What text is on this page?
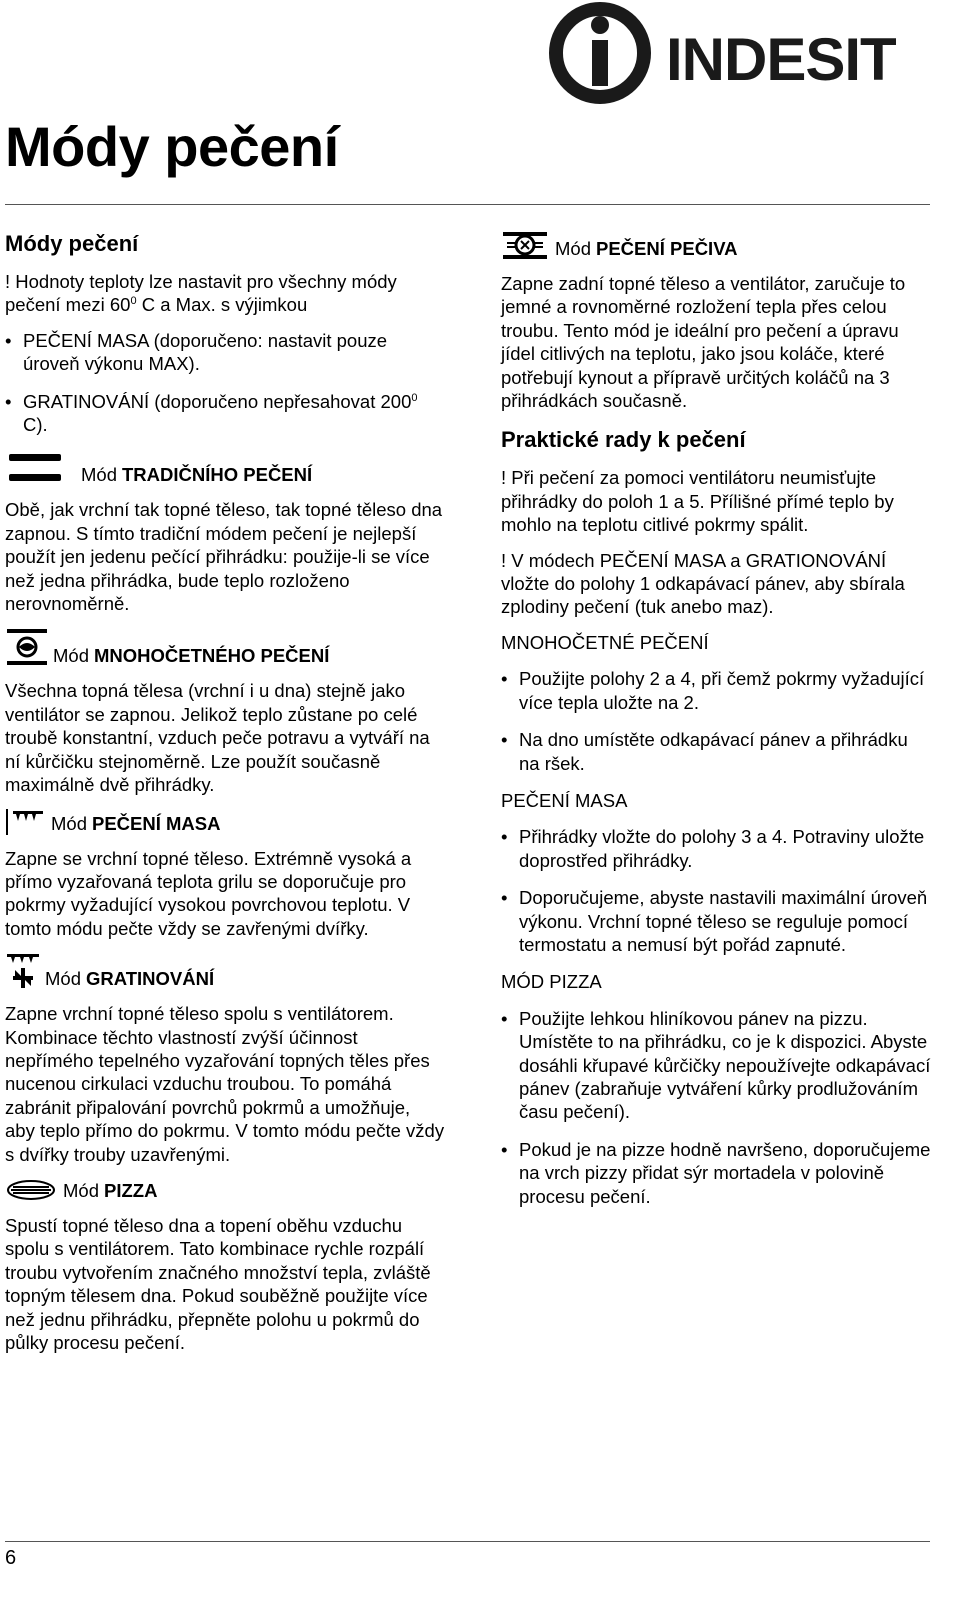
INDESIT
Módy pečení
Módy pečení

! Hodnoty teploty lze nastavit pro všechny módy pečení mezi $60^0$ C a Max. s výjimkou

• PEČENÍ MASA (doporučeno: nastavit pouze úroveň výkonu MAX).
• GRATINOVÁNÍ (doporučeno nepřesahovat $200^0$ C).
Mód TRADIČNÍHO PEČENÍ

Obě, jak vrchní tak topné těleso, tak topné těleso dna zapnou. S tímto tradiční módem pečení je nejlepší použít jen jedenu pečící přihrádku: použije-li se více než jedna přihrádka, bude teplo rozloženo nerovnoměrně.

Mód MNOHOČETNÉHO PEČENÍ

Všechna topná tělesa (vrchní i u dna) stejně jako ventilátor se zapnou. Jelikož teplo zůstane po celé troubě konstantní, vzduch peče potravu a vytváří na ní kůrčičku stejnoměrně. Lze použít současně maximálně dvě přihrádky.

Mód PEČENÍ MASA

Zapne se vrchní topné těleso. Extrémně vysoká a přímo vyzařovaná teplota grilu se doporučuje pro pokrmy vyžadující vysokou povrchovou teplotu. V tomto módu pečte vždy se zavřenými dvířky.

Mód GRATINOVÁNÍ

Zapne vrchní topné těleso spolu s ventilátorem. Kombinace těchto vlastností zvýší účinnost nepřímého tepelného vyzařování topných těles přes nucenou cirkulaci vzduchu troubou. To pomáhá zabránit připalování povrchů pokrmů a umožňuje, aby teplo přímo do pokrmu. V tomto módu pečte vždy s dvířky trouby uzavřenými.

Mód PIZZA

Spustí topné těleso dna a topení oběhu vzduchu spolu s ventilátorem. Tato kombinace rychle rozpálí troubu vytvořením značného množství tepla, zvláště topným tělesem dna. Pokud souběžně použijte více než jednu přihrádku, přepněte polohu u pokrmů do půlky procesu pečení.

Mód PEČENÍ PEČIVA

Zapne zadní topné těleso a ventilátor, zaručuje to jemné a rovnoměrné rozložení tepla přes celou troubu. Tento mód je ideální pro pečení a úpravu jídel citlivých na teplotu, jako jsou koláče, které potřebují kynout a přípravě určitých koláčů na 3 přihrádkách současně.

Praktické rady k pečení

! Při pečení za pomoci ventilátoru neumisťujte přihrádky do poloh 1 a 5. Přílišné přímé teplo by mohlo na teplotu citlivé pokrmy spálit.

! V módech PEČENÍ MASA a GRATIONOVÁNÍ vložte do polohy 1 odkapávací pánev, aby sbírala zplodiny pečení (tuk anebo maz).

MNOHOČETNÉ PEČENÍ
• Použijte polohy 2 a 4, při čemž pokrmy vyžadující více tepla uložte na 2.
• Na dno umístěte odkapávací pánev a přihrádku na ršek.
PEČENÍ MASA
• Přihrádky vložte do polohy 3 a 4. Potraviny uložte doprostřed přihrádky.
• Doporučujeme, abyste nastavili maximální úroveň výkonu. Vrchní topné těleso se reguluje pomocí termostatu a nemusí být pořád zapnuté.
MÓD PIZZA
• Použijte lehkou hliníkovou pánev na pizzu. Umístěte to na přihrádku, co je k dispozici. Abyste dosáhli křupavé kůrčičky nepoužívejte odkapávací pánev (zabraňuje vytváření kůrky prodlužováním času pečení).
• Pokud je na pizze hodně navršeno, doporučujeme na vrch pizzy přidat sýr mortadela v polovině procesu pečení.
6
